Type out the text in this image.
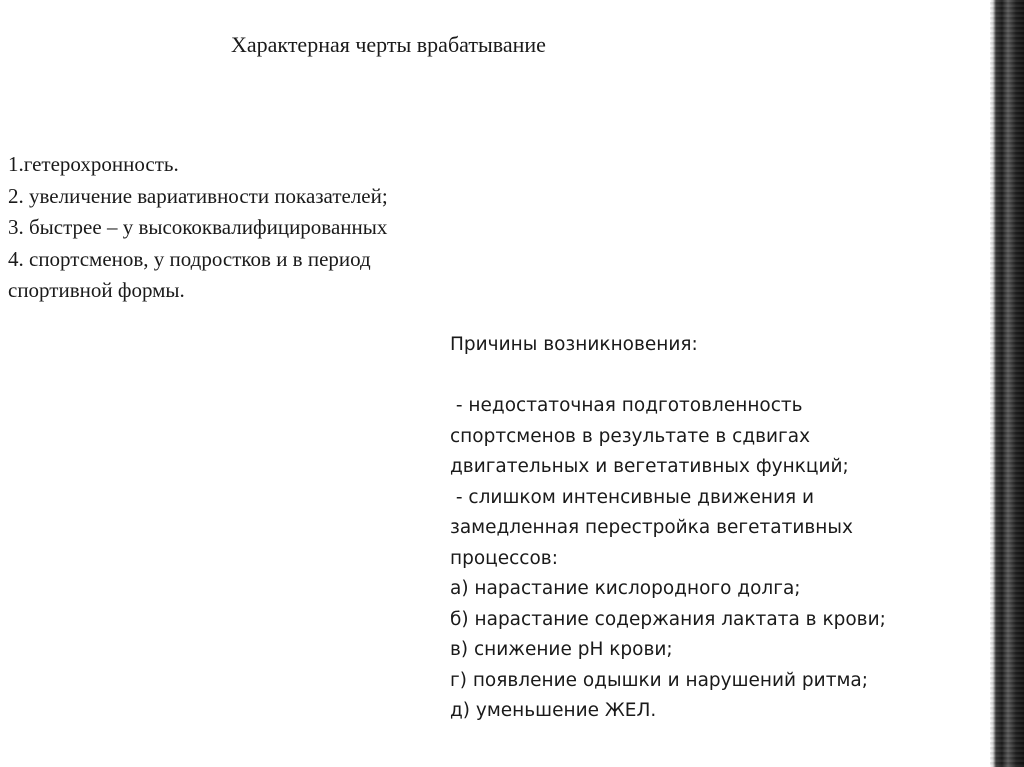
Характерная черты врабатывание
1.гетерохронность.
2. увеличение вариативности показателей;
3. быстрее – у высококвалифицированных
4. спортсменов, у подростков и в период
спортивной формы.
Причины возникновения:

- недостаточная подготовленность
спортсменов в результате в сдвигах
двигательных и вегетативных функций;
- слишком интенсивные движения и
замедленная перестройка вегетативных
процессов:
а) нарастание кислородного долга;
б) нарастание содержания лактата в крови;
в) снижение рН крови;
г) появление одышки и нарушений ритма;
д) уменьшение ЖЕЛ.
